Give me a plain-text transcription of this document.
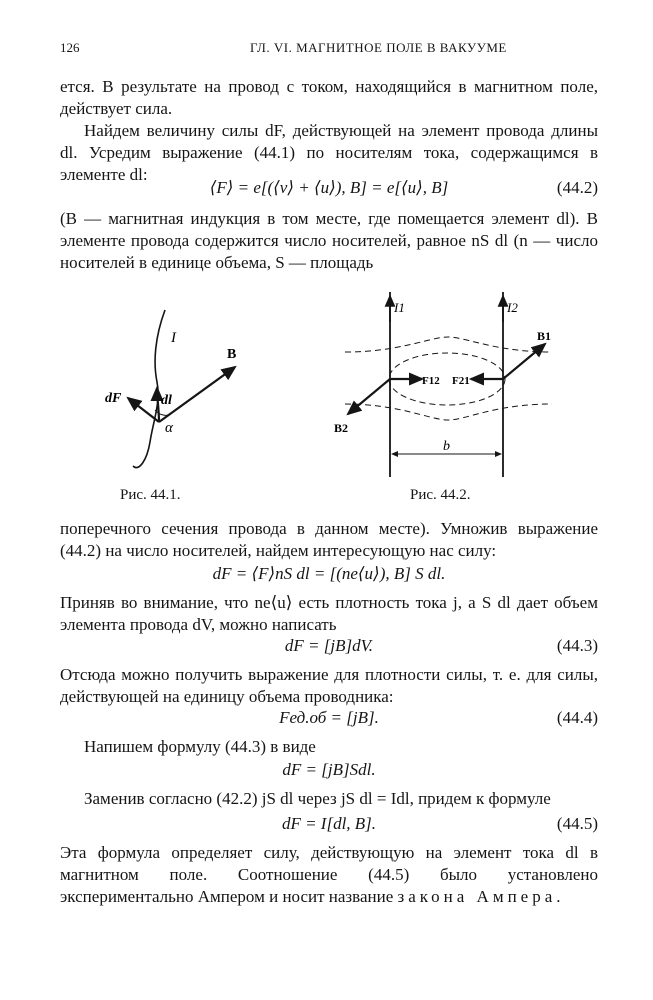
126	ГЛ. VI. МАГНИТНОЕ ПОЛЕ В ВАКУУМЕ

ется. В результате на провод с током, находящийся в магнитном поле, действует сила.

Найдем величину силы dF, действующей на элемент провода длины dl. Усредим выражение (44.1) по носителям тока, содержащимся в элементе dl:

⟨F⟩ = e[(⟨v⟩ + ⟨u⟩), B] = e[⟨u⟩, B]	(44.2)

(B — магнитная индукция в том месте, где помещается элемент dl). В элементе провода содержится число носителей, равное nS dl (n — число носителей в единице объема, S — площадь

I
B
dF	dl
α
Рис. 44.1.
I1	I2
B1
B2
F12 F21
b
Рис. 44.2.

поперечного сечения провода в данном месте). Умножив выражение (44.2) на число носителей, найдем интересующую нас силу:

dF = ⟨F⟩nS dl = [(ne⟨u⟩), B] S dl.

Приняв во внимание, что ne⟨u⟩ есть плотность тока j, а S dl дает объем элемента провода dV, можно написать

dF = [jB]dV.	(44.3)

Отсюда можно получить выражение для плотности силы, т. е. для силы, действующей на единицу объема проводника:

Fед.об = [jB].	(44.4)

Напишем формулу (44.3) в виде

dF = [jB]Sdl.

Заменив согласно (42.2) jS dl через jS dl = Idl, придем к формуле

dF = I[dl, B].	(44.5)

Эта формула определяет силу, действующую на элемент тока dl в магнитном поле. Соотношение (44.5) было установлено экспериментально Ампером и носит название закона Ампера.
